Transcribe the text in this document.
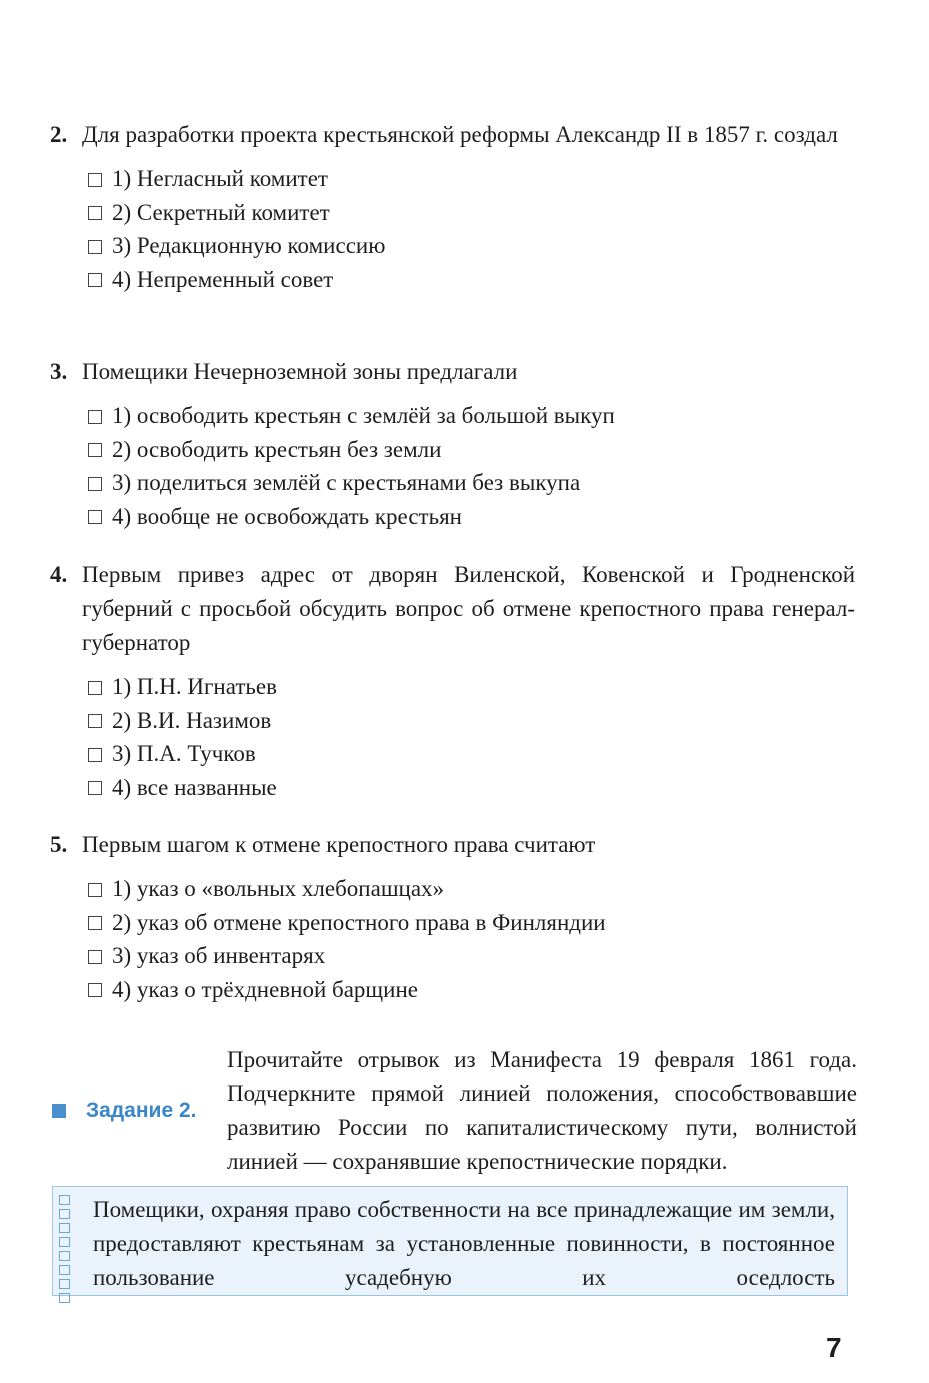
2. Для разработки проекта крестьянской реформы Александр II в 1857 г. создал
1) Негласный комитет
2) Секретный комитет
3) Редакционную комиссию
4) Непременный совет
3. Помещики Нечерноземной зоны предлагали
1) освободить крестьян с землёй за большой выкуп
2) освободить крестьян без земли
3) поделиться землёй с крестьянами без выкупа
4) вообще не освобождать крестьян
4. Первым привез адрес от дворян Виленской, Ковенской и Гродненской губерний с просьбой обсудить вопрос об отмене крепостного права генерал-губернатор
1) П.Н. Игнатьев
2) В.И. Назимов
3) П.А. Тучков
4) все названные
5. Первым шагом к отмене крепостного права считают
1) указ о «вольных хлебопашцах»
2) указ об отмене крепостного права в Финляндии
3) указ об инвентарях
4) указ о трёхдневной барщине
Задание 2.
Прочитайте отрывок из Манифеста 19 февраля 1861 года. Подчеркните прямой линией положения, способствовавшие развитию России по капиталистическому пути, волнистой линией — сохранявшие крепостнические порядки.
Помещики, охраняя право собственности на все принадлежащие им земли, предоставляют крестьянам за установленные повинности, в постоянное пользование усадебную их оседлость
7
